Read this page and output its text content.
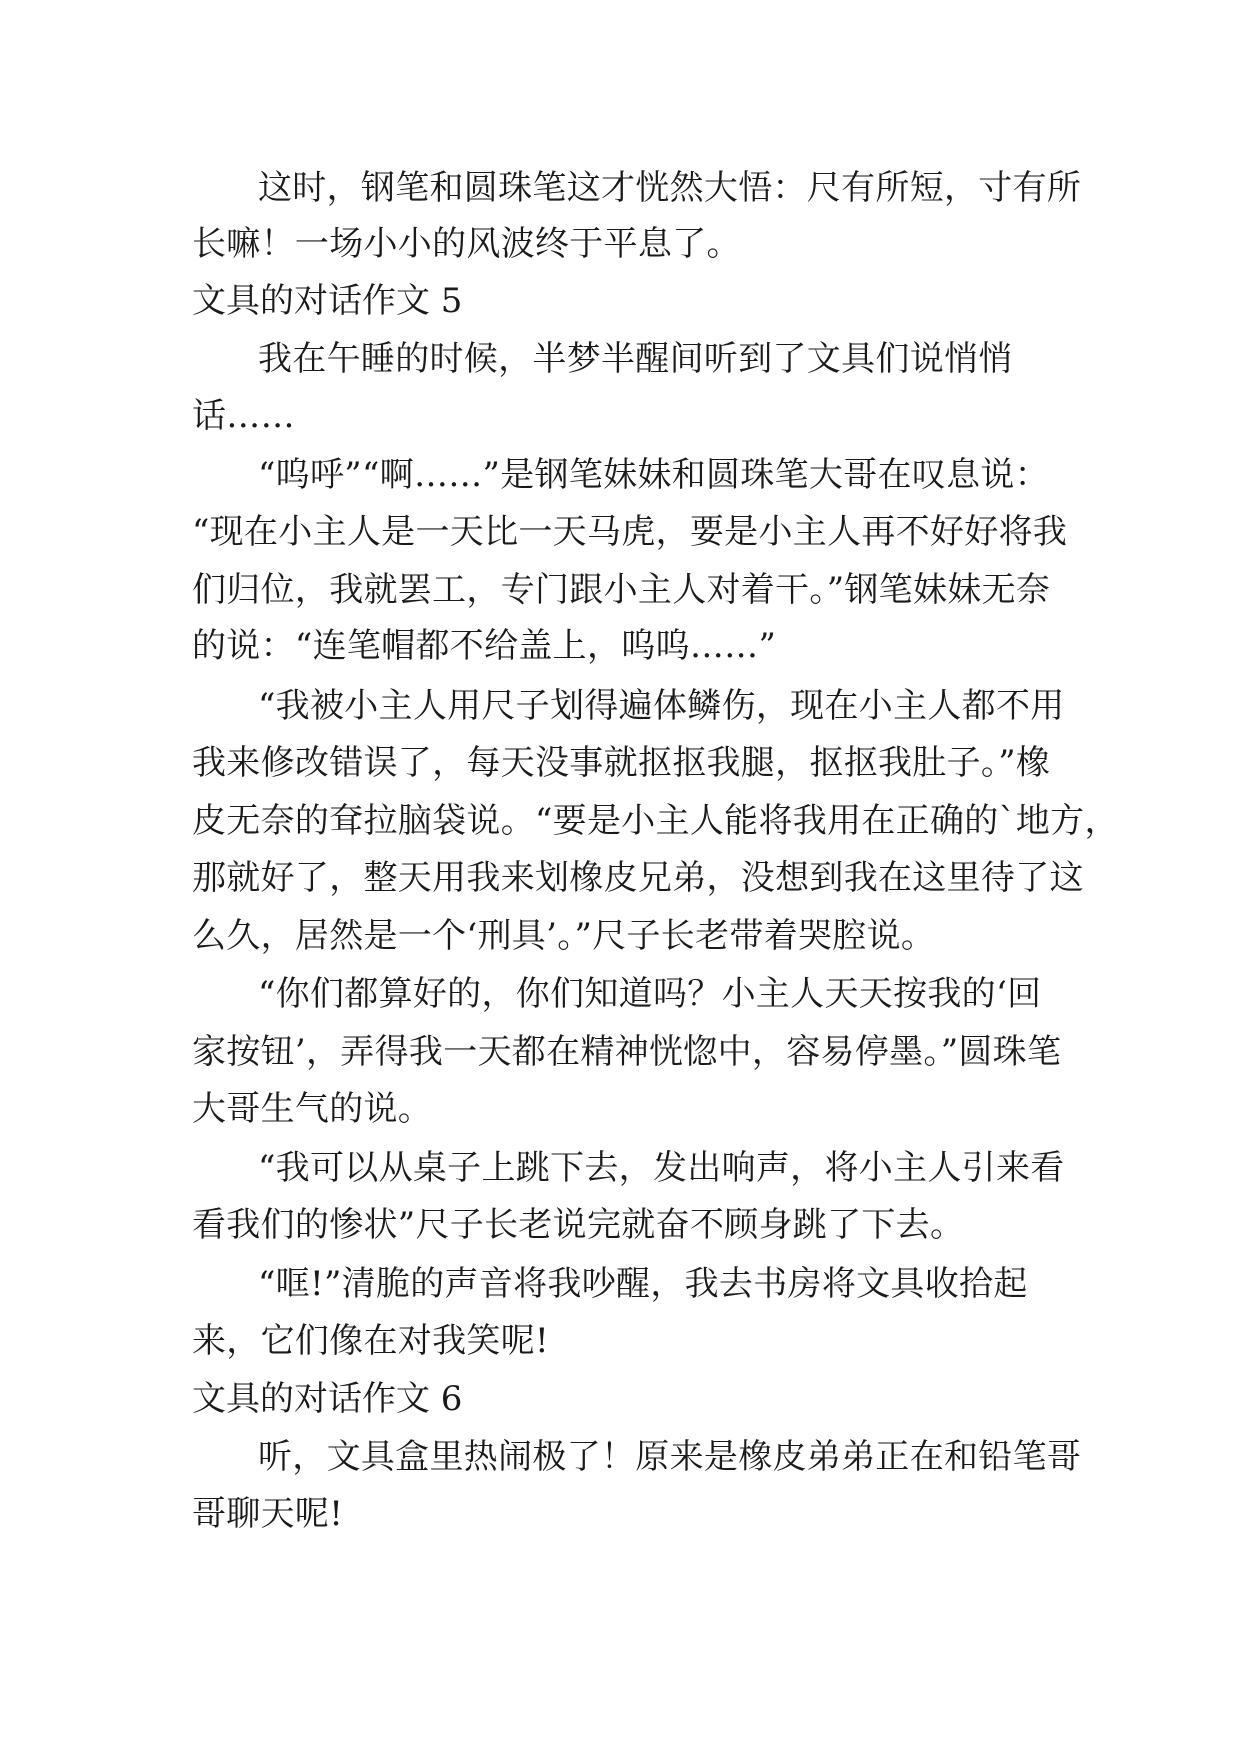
这时，钢笔和圆珠笔这才恍然大悟：尺有所短，寸有所
长嘛！一场小小的风波终于平息了。
文具的对话作文 5
我在午睡的时候，半梦半醒间听到了文具们说悄悄
话……
“呜呼”“啊……”是钢笔妹妹和圆珠笔大哥在叹息说：
“现在小主人是一天比一天马虎，要是小主人再不好好将我
们归位，我就罢工，专门跟小主人对着干。”钢笔妹妹无奈
的说：“连笔帽都不给盖上，呜呜……”
“我被小主人用尺子划得遍体鳞伤，现在小主人都不用
我来修改错误了，每天没事就抠抠我腿，抠抠我肚子。”橡
皮无奈的耷拉脑袋说。“要是小主人能将我用在正确的`地方，
那就好了，整天用我来划橡皮兄弟，没想到我在这里待了这
么久，居然是一个‘刑具’。”尺子长老带着哭腔说。
“你们都算好的，你们知道吗？小主人天天按我的‘回
家按钮’，弄得我一天都在精神恍惚中，容易停墨。”圆珠笔
大哥生气的说。
“我可以从桌子上跳下去，发出响声，将小主人引来看
看我们的惨状”尺子长老说完就奋不顾身跳了下去。
“哐!”清脆的声音将我吵醒，我去书房将文具收拾起
来，它们像在对我笑呢!
文具的对话作文 6
听，文具盒里热闹极了！原来是橡皮弟弟正在和铅笔哥
哥聊天呢!
